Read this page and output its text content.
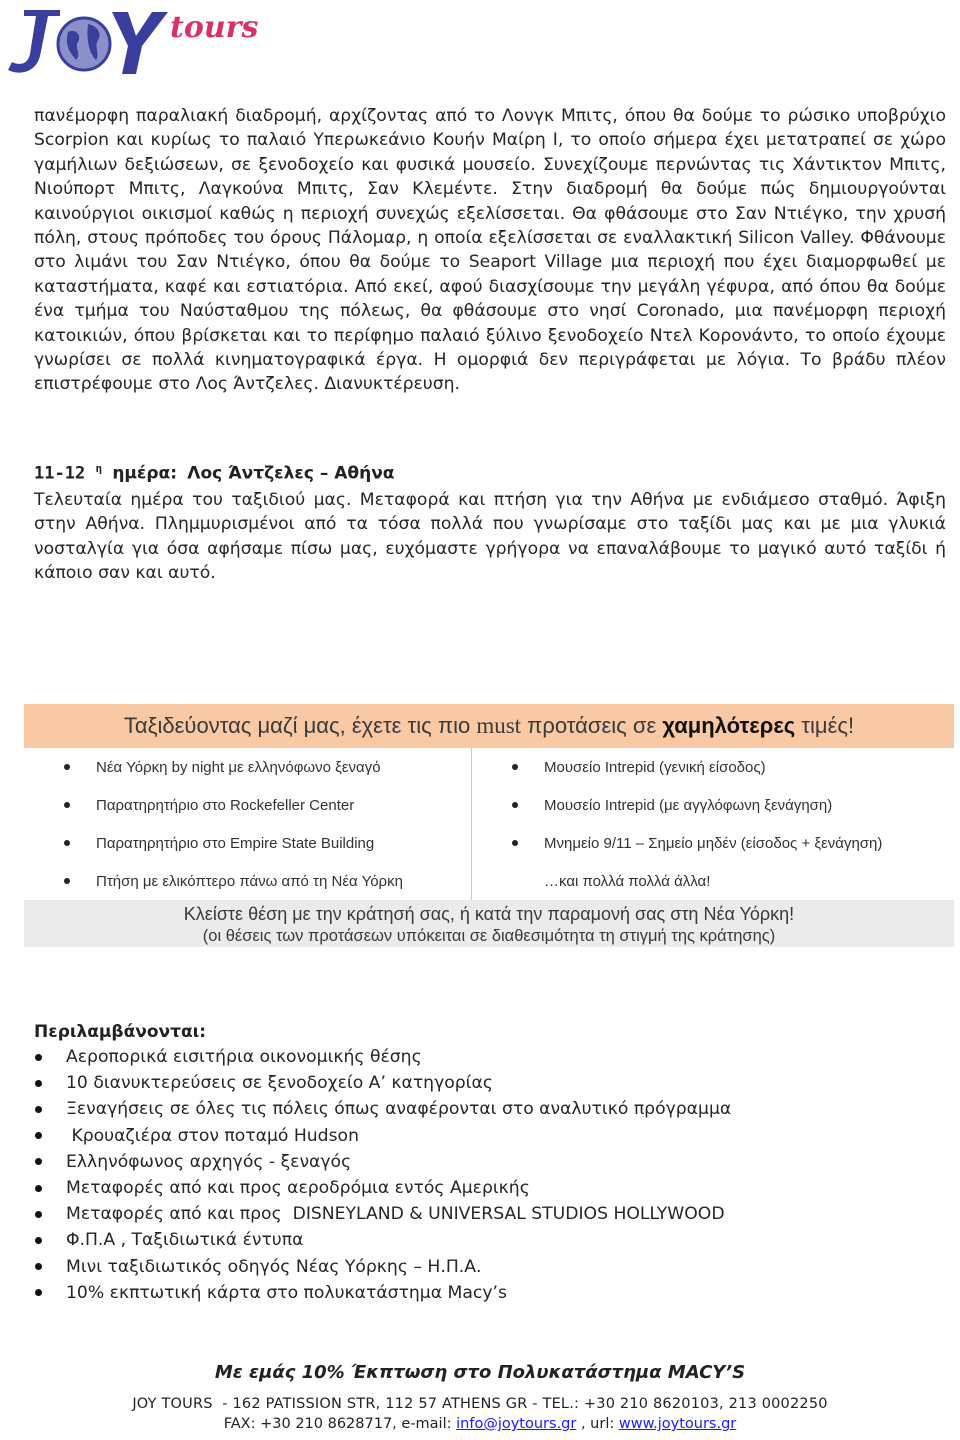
tours

πανέμορφη παραλιακή διαδρομή, αρχίζοντας από το Λονγκ Μπιτς, όπου θα δούμε το ρώσικο υποβρύχιο Scorpion και κυρίως το παλαιό Υπερωκεάνιο Κουήν Μαίρη Ι, το οποίο σήμερα έχει μετατραπεί σε χώρο γαμήλιων δεξιώσεων, σε ξενοδοχείο και φυσικά μουσείο. Συνεχίζουμε περνώντας τις Χάντικτον Μπιτς, Νιούπορτ Μπιτς, Λαγκούνα Μπιτς, Σαν Κλεμέντε. Στην διαδρομή θα δούμε πώς δημιουργούνται καινούργιοι οικισμοί καθώς η περιοχή συνεχώς εξελίσσεται. Θα φθάσουμε στο Σαν Ντιέγκο, την χρυσή πόλη, στους πρόποδες του όρους Πάλομαρ, η οποία εξελίσσεται σε εναλλακτική Silicon Valley. Φθάνουμε στο λιμάνι του Σαν Ντιέγκο, όπου θα δούμε το Seaport Village μια περιοχή που έχει διαμορφωθεί με καταστήματα, καφέ και εστιατόρια. Από εκεί, αφού διασχίσουμε την μεγάλη γέφυρα, από όπου θα δούμε ένα τμήμα του Ναύσταθμου της πόλεως, θα φθάσουμε στο νησί Coronado, μια πανέμορφη περιοχή κατοικιών, όπου βρίσκεται και το περίφημο παλαιό ξύλινο ξενοδοχείο Ντελ Κορονάντο, το οποίο έχουμε γνωρίσει σε πολλά κινηματογραφικά έργα. Η ομορφιά δεν περιγράφεται με λόγια. Το βράδυ πλέον επιστρέφουμε στο Λος Άντζελες. Διανυκτέρευση.

11-12 $^\eta$ ημέρα: Λος Άντζελες – Αθήνα

Τελευταία ημέρα του ταξιδιού μας. Μεταφορά και πτήση για την Αθήνα με ενδιάμεσο σταθμό. Άφιξη στην Αθήνα. Πλημμυρισμένοι από τα τόσα πολλά που γνωρίσαμε στο ταξίδι μας και με μια γλυκιά νοσταλγία για όσα αφήσαμε πίσω μας, ευχόμαστε γρήγορα να επαναλάβουμε το μαγικό αυτό ταξίδι ή κάποιο σαν και αυτό.

Ταξιδεύοντας μαζί μας, έχετε τις πιο must προτάσεις σε χαμηλότερες τιμές!
Νέα Υόρκη by night με ελληνόφωνο ξεναγό
Παρατηρητήριο στο Rockefeller Center
Παρατηρητήριο στο Empire State Building
Πτήση με ελικόπτερο πάνω από τη Νέα Υόρκη
Μουσείο Intrepid (γενική είσοδος)
Μουσείο Intrepid (με αγγλόφωνη ξενάγηση)
Μνημείο 9/11 – Σημείο μηδέν (είσοδος + ξενάγηση)
…και πολλά πολλά άλλα!
Κλείστε θέση με την κράτησή σας, ή κατά την παραμονή σας στη Νέα Υόρκη!
(οι θέσεις των προτάσεων υπόκειται σε διαθεσιμότητα τη στιγμή της κράτησης)
Περιλαμβάνονται:
Αεροπορικά εισιτήρια οικονομικής θέσης
10 διανυκτερεύσεις σε ξενοδοχείο Α’ κατηγορίας
Ξεναγήσεις σε όλες τις πόλεις όπως αναφέρονται στο αναλυτικό πρόγραμμα
Κρουαζιέρα στον ποταμό Hudson
Ελληνόφωνος αρχηγός - ξεναγός
Μεταφορές από και προς αεροδρόμια εντός Αμερικής
Μεταφορές από και προς  DISNEYLAND & UNIVERSAL STUDIOS HOLLYWOOD
Φ.Π.Α , Ταξιδιωτικά έντυπα
Μινι ταξιδιωτικός οδηγός Νέας Υόρκης – Η.Π.Α.
10% εκπτωτική κάρτα στο πολυκατάστημα Macy’s
Με εμάς 10% Έκπτωση στο Πολυκατάστημα MACY’S
JOY TOURS  - 162 PATISSION STR, 112 57 ATHENS GR - TEL.: +30 210 8620103, 213 0002250
FAX: +30 210 8628717, e-mail: info@joytours.gr , url: www.joytours.gr
